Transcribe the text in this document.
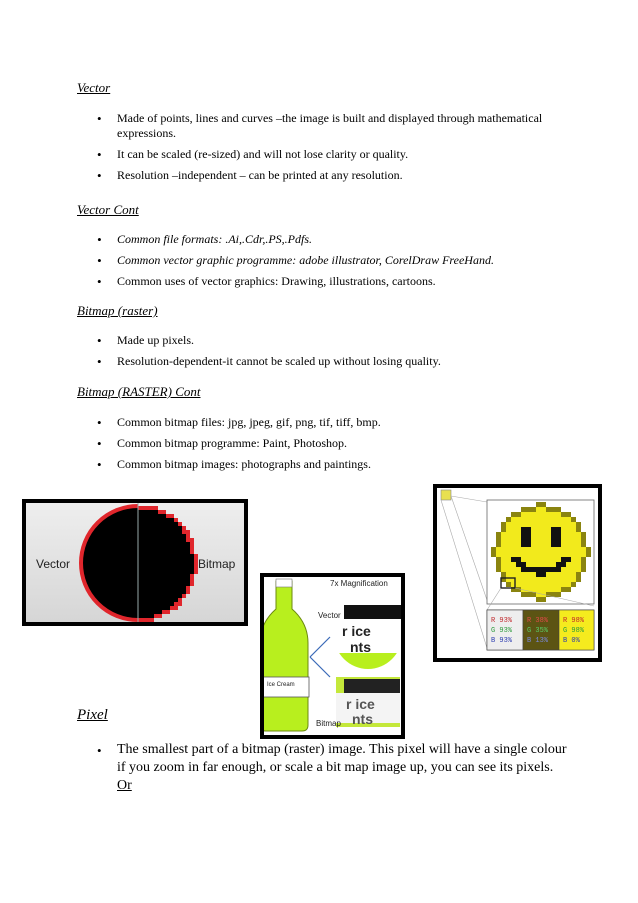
Vector
• Made of points, lines and curves –the image is built and displayed through mathematical expressions.
• It can be scaled (re-sized) and will not lose clarity or quality.
• Resolution –independent – can be printed at any resolution.
Vector Cont
• Common file formats: .Ai,.Cdr,.PS,.Pdfs.
• Common vector graphic programme: adobe illustrator, CorelDraw FreeHand.
• Common uses of vector graphics: Drawing, illustrations, cartoons.
Bitmap (raster)
• Made up pixels.
• Resolution-dependent-it cannot be scaled up without losing quality.
Bitmap (RASTER) Cont
• Common bitmap files: jpg, jpeg, gif, png, tif, tiff, bmp.
• Common bitmap programme: Paint, Photoshop.
• Common bitmap images: photographs and paintings.
Vector	Bitmap
7x Magnification
Vector
Bitmap
Ice Cream
r ice
nts
r ice
nts
R 93%
G 93%
B 93%
R 38%
G 35%
B 13%
R 98%
G 98%
B 0%
Pixel
• The smallest part of a bitmap (raster) image. This pixel will have a single colour if you zoom in far enough, or scale a bit map image up, you can see its pixels.
Or
